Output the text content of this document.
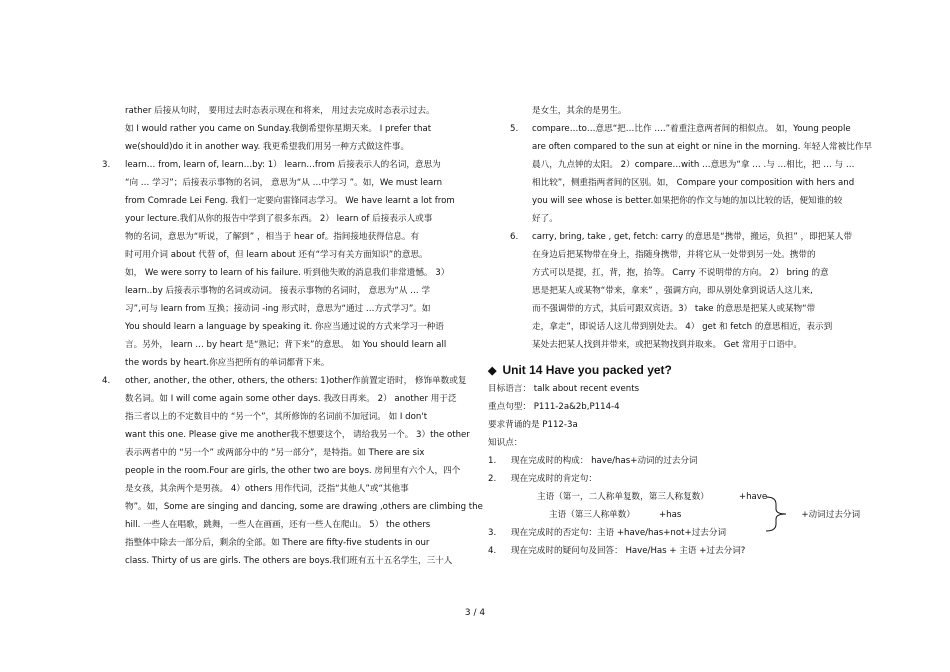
rather 后接从句时， 要用过去时态表示现在和将来， 用过去完成时态表示过去。
如 I would rather you came on Sunday.我倒希望你星期天来。 I prefer that
we(should)do it in another way. 我更希望我们用另一种方式做这件事。
3. learn… from, learn of, learn…by: 1） learn…from 后接表示人的名词，意思为
“向 … 学习”；后接表示事物的名词， 意思为“从 …中学习 ”。如，We must learn
from Comrade Lei Feng. 我们一定要向雷锋同志学习。 We have learnt a lot from
your lecture.我们从你的报告中学到了很多东西。 2） learn of 后接表示人或事
物的名词，意思为“听说，了解到” ，相当于 hear of。指间接地获得信息。有
时可用介词 about 代替 of，但 learn about 还有“学习有关方面知识”的意思。
如， We were sorry to learn of his failure. 听到他失败的消息我们非常遗憾。 3）
learn..by 后接表示事物的名词或动词。 接表示事物的名词时， 意思为“从 … 学
习”,可与 learn from 互换；接动词 -ing 形式时，意思为“通过 …方式学习”。如
You should learn a language by speaking it. 你应当通过说的方式来学习一种语
言。另外， learn … by heart 是“熟记；背下来”的意思。 如 You should learn all
the words by heart.你应当把所有的单词都背下来。
4. other, another, the other, others, the others: 1)other作前置定语时， 修饰单数或复
数名词。如 I will come again some other days. 我改日再来。 2） another 用于泛
指三者以上的不定数目中的 “另一个”，其所修饰的名词前不加冠词。 如 I don't
want this one. Please give me another我不想要这个， 请给我另一个。 3）the other
表示两者中的 “另一个” 或两部分中的 “另一部分”，是特指。如 There are six
people in the room.Four are girls, the other two are boys. 房间里有六个人，四个
是女孩，其余两个是男孩。 4）others 用作代词，泛指“其他人”或“其他事
物”。如，Some are singing and dancing, some are drawing ,others are climbing the
hill. 一些人在唱歌，跳舞，一些人在画画，还有一些人在爬山。 5） the others
指整体中除去一部分后，剩余的全部。如 There are fifty-five students in our
class. Thirty of us are girls. The others are boys.我们班有五十五名学生，三十人
是女生，其余的是男生。
5. compare…to…意思“把…比作 ….”着重注意两者间的相似点。 如，Young people
are often compared to the sun at eight or nine in the morning. 年轻人常被比作早
晨八，九点钟的太阳。 2）compare…with …意思为“拿 … .与 …相比，把 … 与 …
相比较”，侧重指两者间的区别。如， Compare your composition with hers and
you will see whose is better.如果把你的作文与她的加以比较的话，便知谁的较
好了。
6. carry, bring, take , get, fetch: carry 的意思是“携带，搬运，负担” ，即把某人带
在身边后把某物带在身上，指随身携带，并将它从一处带到另一处。携带的
方式可以是提，扛，背，抱，抬等。 Carry 不说明带的方向。 2） bring 的意
思是把某人或某物“带来，拿来” ，强调方向，即从别处拿到说话人这儿来,
而不强调带的方式，其后可跟双宾语。3） take 的意思是把某人或某物“带
走，拿走”，即说话人这儿带到别处去。 4） get 和 fetch 的意思相近，表示到
某处去把某人找到并带来，或把某物找到并取来。 Get 常用于口语中。
◆ Unit 14 Have you packed yet?
目标语言： talk about recent events
重点句型： P111-2a&2b,P114-4
要求背诵的是 P112-3a
知识点：
1. 现在完成时的构成： have/has+动词的过去分词
2. 现在完成时的肯定句：
主语（第一，二人称单复数，第三人称复数）	+have
主语（第三人称单数）	+has	+动词过去分词
3. 现在完成时的否定句：主语 +have/has+not+过去分词
4. 现在完成时的疑问句及回答： Have/Has + 主语 +过去分词?
3 / 4
